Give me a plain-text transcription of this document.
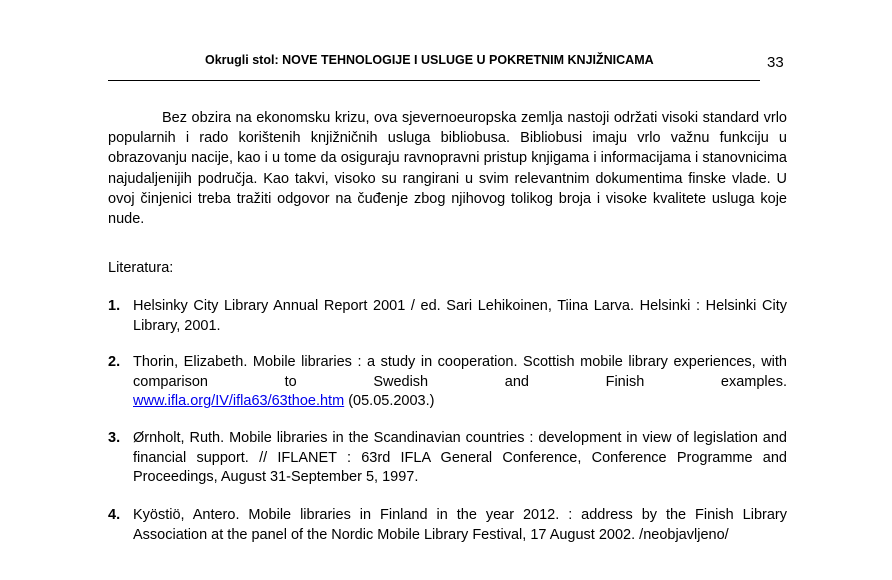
Okrugli stol: NOVE TEHNOLOGIJE I USLUGE U POKRETNIM KNJIŽNICAMA	33

Bez obzira na ekonomsku krizu, ova sjevernoeuropska zemlja nastoji održati visoki standard vrlo popularnih i rado korištenih knjižničnih usluga bibliobusa. Bibliobusi imaju vrlo važnu funkciju u obrazovanju nacije, kao i u tome da osiguraju ravnopravni pristup knjigama i informacijama i stanovnicima najudaljenijih područja. Kao takvi, visoko su rangirani u svim relevantnim dokumentima finske vlade. U ovoj činjenici treba tražiti odgovor na čuđenje zbog njihovog tolikog broja i visoke kvalitete usluga koje nude.

Literatura:
1. Helsinky City Library Annual Report 2001 / ed. Sari Lehikoinen, Tiina Larva. Helsinki : Helsinki City Library, 2001.
2. Thorin, Elizabeth. Mobile libraries : a study in cooperation. Scottish mobile library experiences, with comparison to Swedish and Finish examples.
www.ifla.org/IV/ifla63/63thoe.htm (05.05.2003.)
3. Ørnholt, Ruth. Mobile libraries in the Scandinavian countries : development in view of legislation and financial support. // IFLANET : 63rd IFLA General Conference, Conference Programme and Proceedings, August 31-September 5, 1997.
4. Kyöstiö, Antero. Mobile libraries in Finland in the year 2012. : address by the Finish Library Association at the panel of the Nordic Mobile Library Festival, 17 August 2002. /neobjavljeno/
